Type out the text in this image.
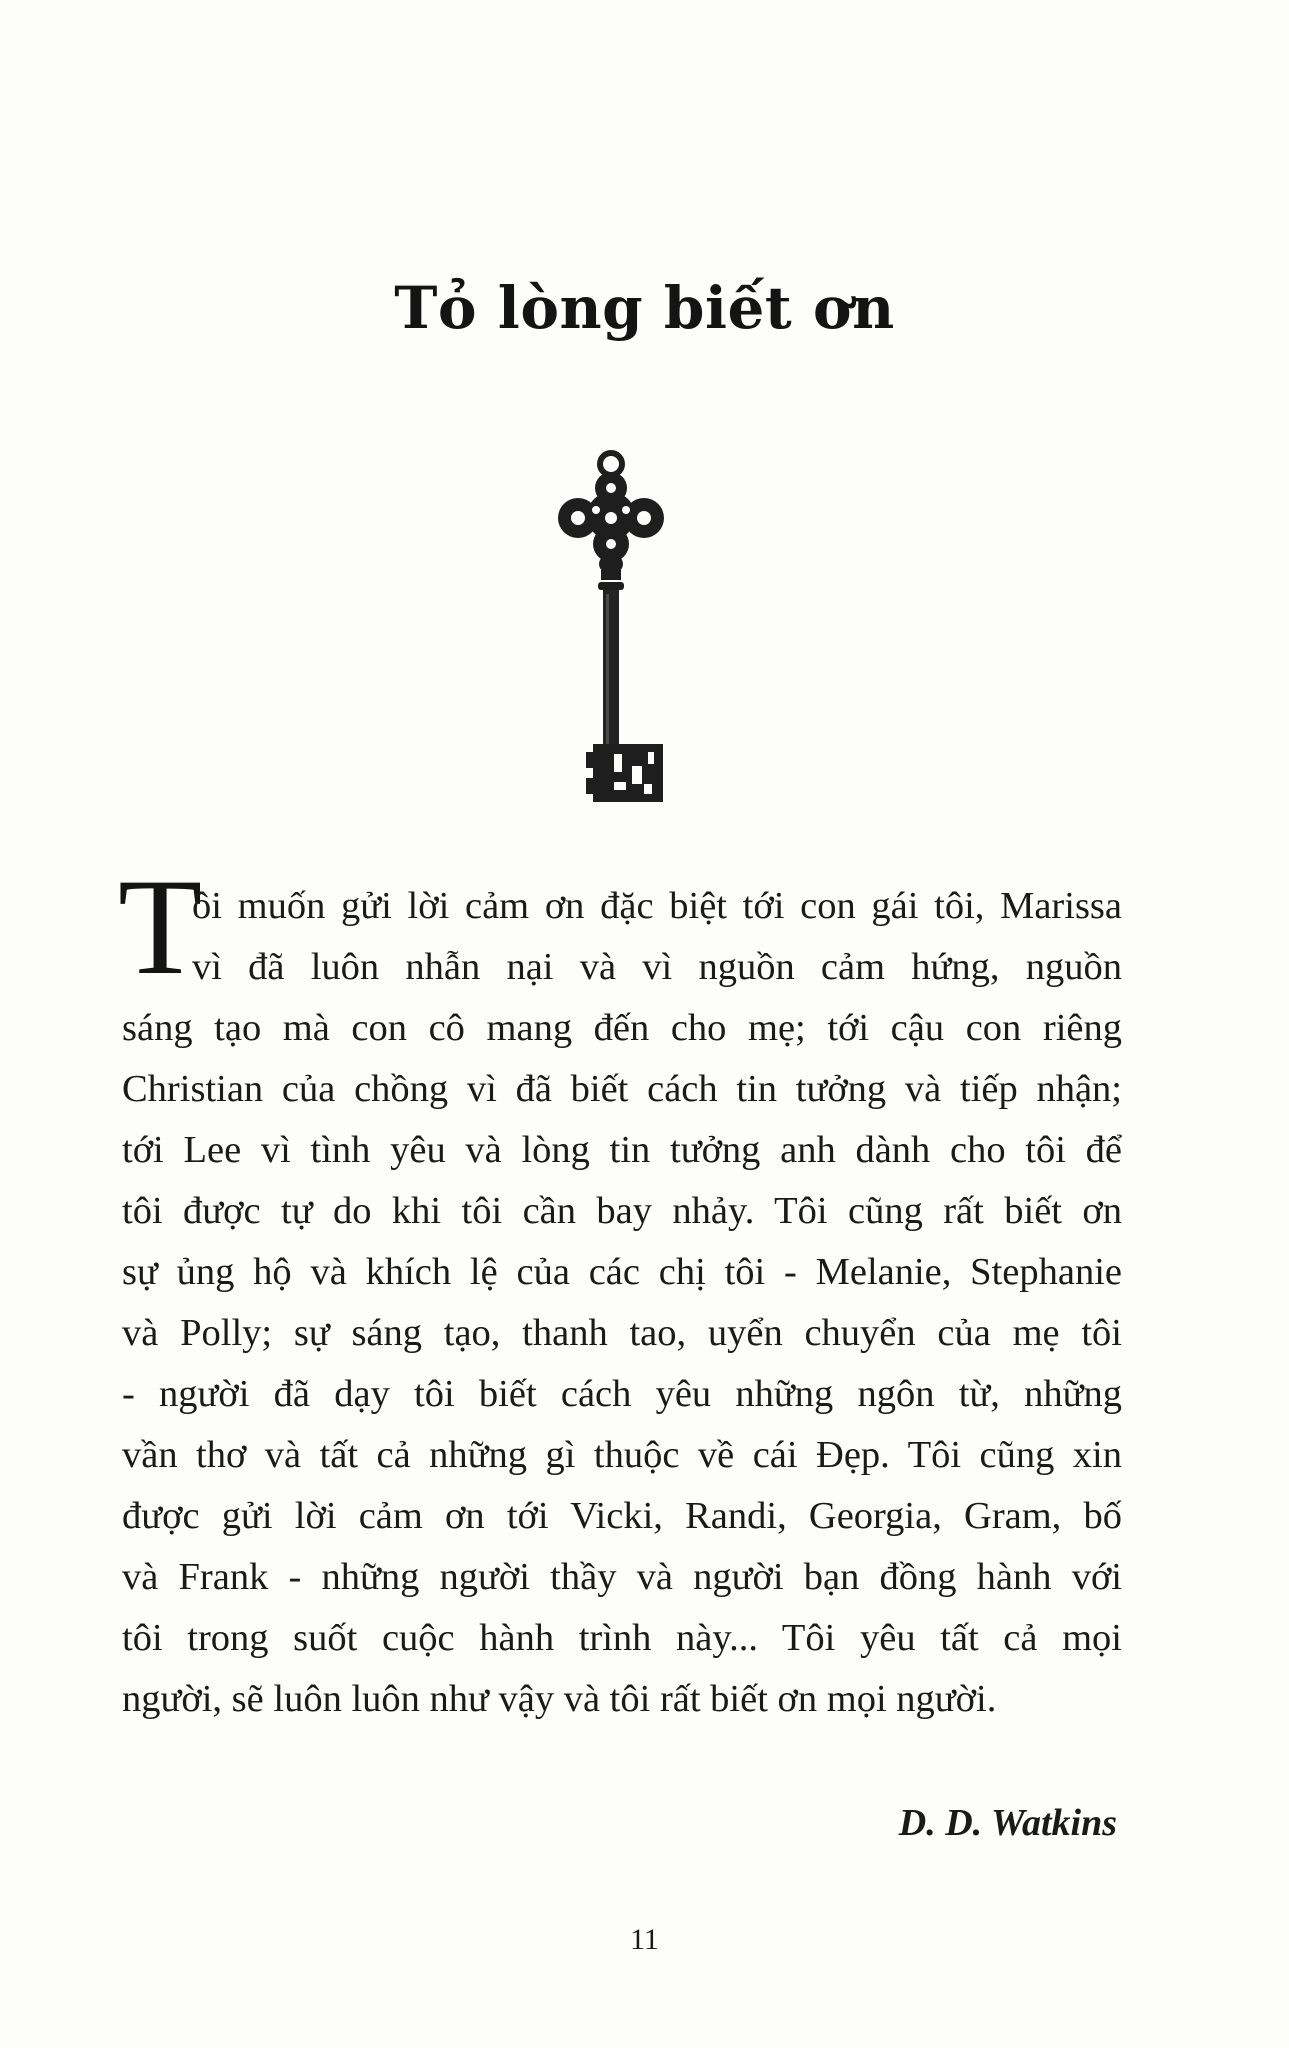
Tỏ lòng biết ơn
T
ôi muốn gửi lời cảm ơn đặc biệt tới con gái tôi, Marissa
vì đã luôn nhẫn nại và vì nguồn cảm hứng, nguồn
sáng tạo mà con cô mang đến cho mẹ; tới cậu con riêng
Christian của chồng vì đã biết cách tin tưởng và tiếp nhận;
tới Lee vì tình yêu và lòng tin tưởng anh dành cho tôi để
tôi được tự do khi tôi cần bay nhảy. Tôi cũng rất biết ơn
sự ủng hộ và khích lệ của các chị tôi - Melanie, Stephanie
và Polly; sự sáng tạo, thanh tao, uyển chuyển của mẹ tôi
- người đã dạy tôi biết cách yêu những ngôn từ, những
vần thơ và tất cả những gì thuộc về cái Đẹp. Tôi cũng xin
được gửi lời cảm ơn tới Vicki, Randi, Georgia, Gram, bố
và Frank - những người thầy và người bạn đồng hành với
tôi trong suốt cuộc hành trình này... Tôi yêu tất cả mọi
người, sẽ luôn luôn như vậy và tôi rất biết ơn mọi người.
D. D. Watkins
11
